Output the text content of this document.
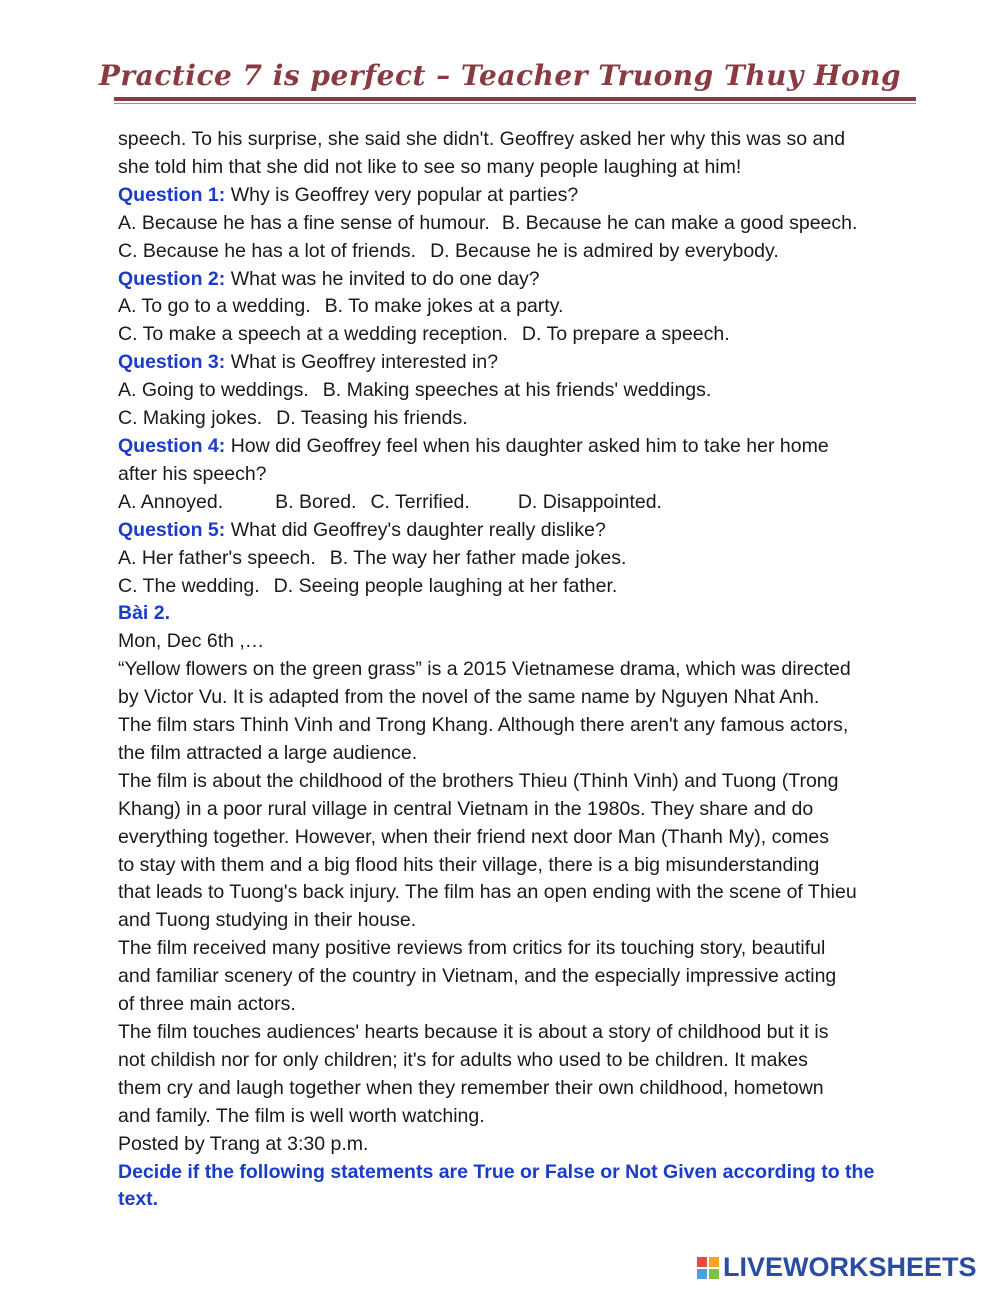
Practice 7 is perfect – Teacher Truong Thuy Hong
speech. To his surprise, she said she didn't. Geoffrey asked her why this was so and
she told him that she did not like to see so many people laughing at him!
Question 1: Why is Geoffrey very popular at parties?
A. Because he has a fine sense of humour. B. Because he can make a good speech.
C. Because he has a lot of friends. D. Because he is admired by everybody.
Question 2: What was he invited to do one day?
A. To go to a wedding. B. To make jokes at a party.
C. To make a speech at a wedding reception. D. To prepare a speech.
Question 3: What is Geoffrey interested in?
A. Going to weddings. B. Making speeches at his friends' weddings.
C. Making jokes. D. Teasing his friends.
Question 4: How did Geoffrey feel when his daughter asked him to take her home
after his speech?
A. Annoyed.	B. Bored. C. Terrified. D. Disappointed.
Question 5: What did Geoffrey's daughter really dislike?
A. Her father's speech. B. The way her father made jokes.
C. The wedding. D. Seeing people laughing at her father.
Bài 2.
Mon, Dec 6th ,…
“Yellow flowers on the green grass” is a 2015 Vietnamese drama, which was directed
by Victor Vu. It is adapted from the novel of the same name by Nguyen Nhat Anh.
The film stars Thinh Vinh and Trong Khang. Although there aren't any famous actors,
the film attracted a large audience.
The film is about the childhood of the brothers Thieu (Thinh Vinh) and Tuong (Trong
Khang) in a poor rural village in central Vietnam in the 1980s. They share and do
everything together. However, when their friend next door Man (Thanh My), comes
to stay with them and a big flood hits their village, there is a big misunderstanding
that leads to Tuong's back injury. The film has an open ending with the scene of Thieu
and Tuong studying in their house.
The film received many positive reviews from critics for its touching story, beautiful
and familiar scenery of the country in Vietnam, and the especially impressive acting
of three main actors.
The film touches audiences' hearts because it is about a story of childhood but it is
not childish nor for only children; it's for adults who used to be children. It makes
them cry and laugh together when they remember their own childhood, hometown
and family. The film is well worth watching.
Posted by Trang at 3:30 p.m.
Decide if the following statements are True or False or Not Given according to the
text.
LIVEWORKSHEETS
